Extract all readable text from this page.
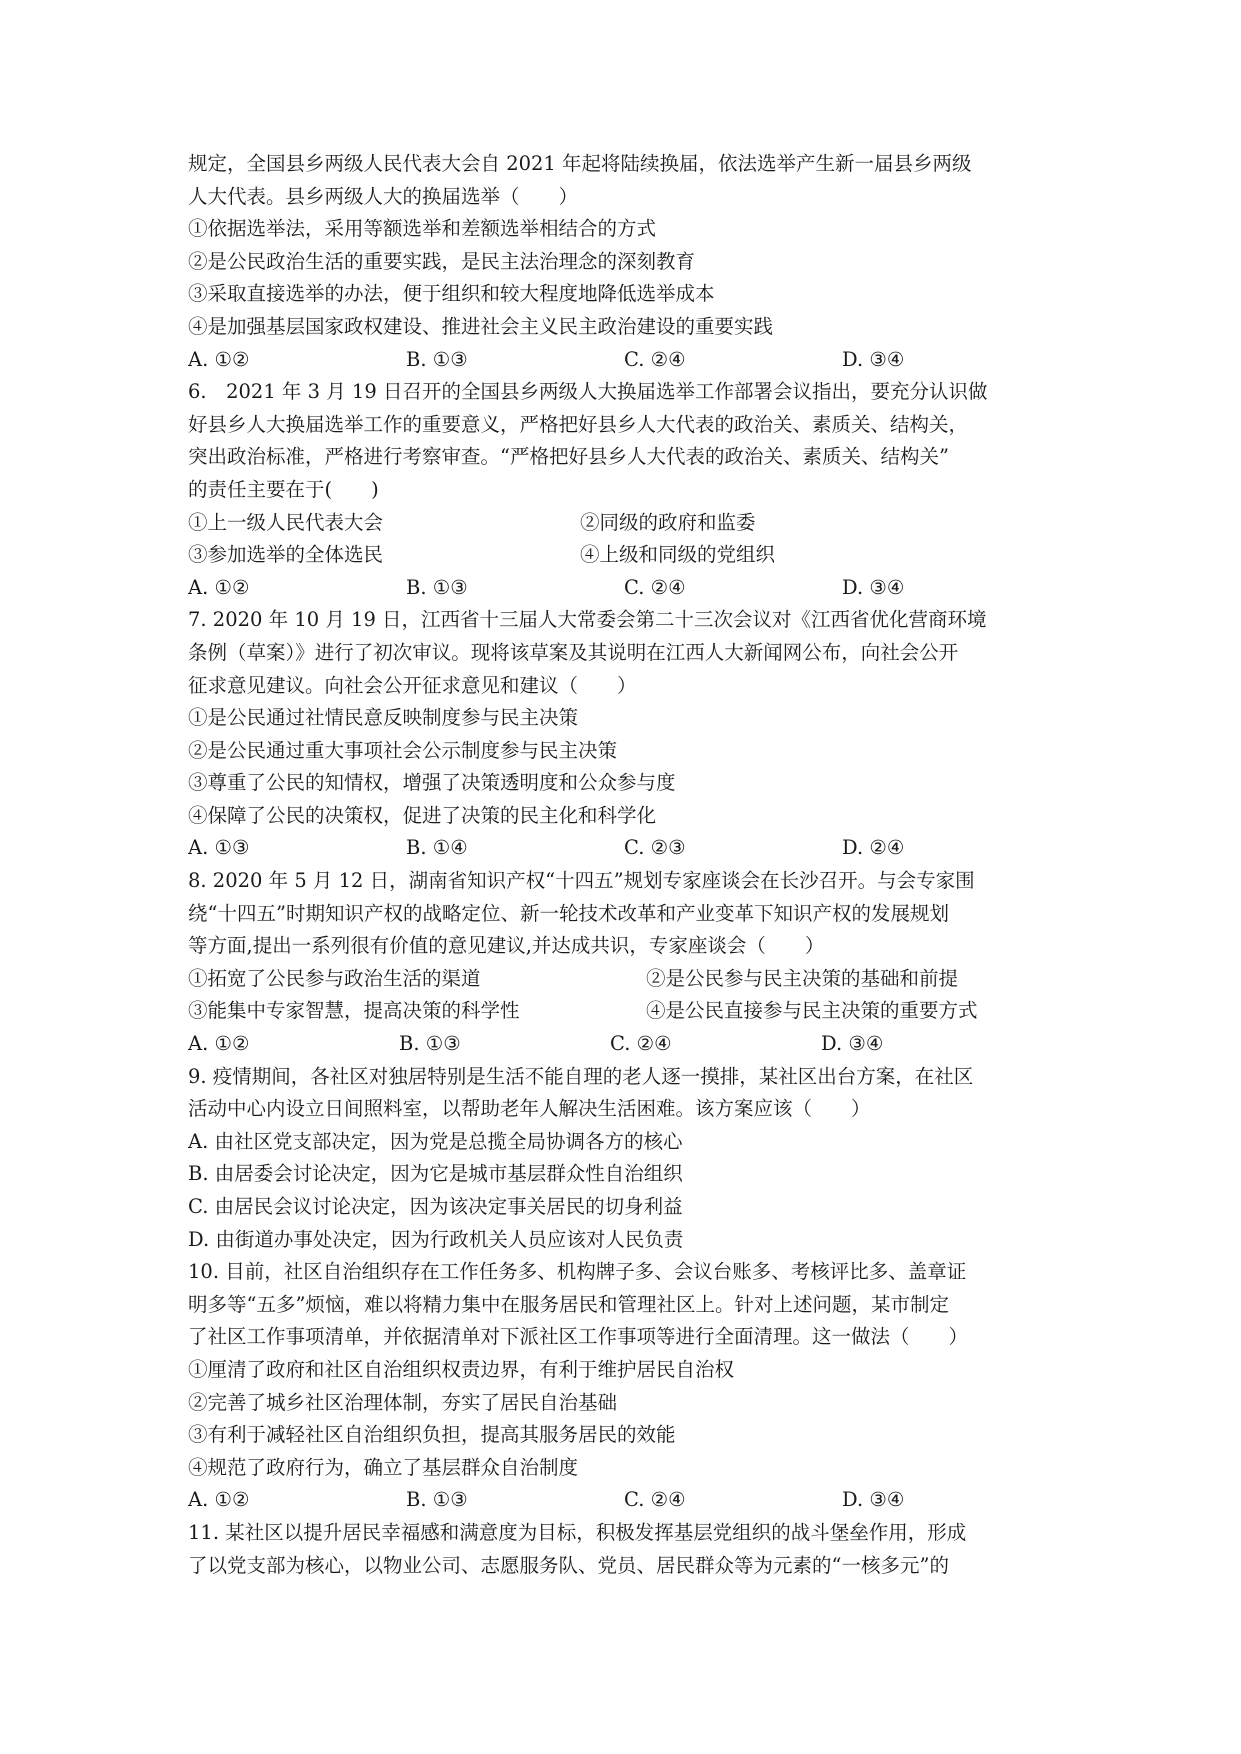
规定，全国县乡两级人民代表大会自 2021 年起将陆续换届，依法选举产生新一届县乡两级
人大代表。县乡两级人大的换届选举（　　）
①依据选举法，采用等额选举和差额选举相结合的方式
②是公民政治生活的重要实践，是民主法治理念的深刻教育
③采取直接选举的办法，便于组织和较大程度地降低选举成本
④是加强基层国家政权建设、推进社会主义民主政治建设的重要实践
A. ①②	B. ①③	C. ②④	D. ③④
6.　2021 年 3 月 19 日召开的全国县乡两级人大换届选举工作部署会议指出，要充分认识做
好县乡人大换届选举工作的重要意义，严格把好县乡人大代表的政治关、素质关、结构关，
突出政治标准，严格进行考察审查。“严格把好县乡人大代表的政治关、素质关、结构关”
的责任主要在于(　　)
①上一级人民代表大会	②同级的政府和监委
③参加选举的全体选民	④上级和同级的党组织
A. ①②	B. ①③	C. ②④	D. ③④
7. 2020 年 10 月 19 日，江西省十三届人大常委会第二十三次会议对《江西省优化营商环境
条例（草案）》进行了初次审议。现将该草案及其说明在江西人大新闻网公布，向社会公开
征求意见建议。向社会公开征求意见和建议（　　）
①是公民通过社情民意反映制度参与民主决策
②是公民通过重大事项社会公示制度参与民主决策
③尊重了公民的知情权，增强了决策透明度和公众参与度
④保障了公民的决策权，促进了决策的民主化和科学化
A. ①③	B. ①④	C. ②③	D. ②④
8. 2020 年 5 月 12 日，湖南省知识产权“十四五”规划专家座谈会在长沙召开。与会专家围
绕“十四五”时期知识产权的战略定位、新一轮技术改革和产业变革下知识产权的发展规划
等方面,提出一系列很有价值的意见建议,并达成共识，专家座谈会（　　）
①拓宽了公民参与政治生活的渠道	②是公民参与民主决策的基础和前提
③能集中专家智慧，提高决策的科学性	④是公民直接参与民主决策的重要方式
A. ①②	B. ①③	C. ②④	D. ③④
9. 疫情期间，各社区对独居特别是生活不能自理的老人逐一摸排，某社区出台方案，在社区
活动中心内设立日间照料室，以帮助老年人解决生活困难。该方案应该（　　）
A. 由社区党支部决定，因为党是总揽全局协调各方的核心
B. 由居委会讨论决定，因为它是城市基层群众性自治组织
C. 由居民会议讨论决定，因为该决定事关居民的切身利益
D. 由街道办事处决定，因为行政机关人员应该对人民负责
10. 目前，社区自治组织存在工作任务多、机构牌子多、会议台账多、考核评比多、盖章证
明多等“五多”烦恼，难以将精力集中在服务居民和管理社区上。针对上述问题，某市制定
了社区工作事项清单，并依据清单对下派社区工作事项等进行全面清理。这一做法（　　）
①厘清了政府和社区自治组织权责边界，有利于维护居民自治权
②完善了城乡社区治理体制，夯实了居民自治基础
③有利于减轻社区自治组织负担，提高其服务居民的效能
④规范了政府行为，确立了基层群众自治制度
A. ①②	B. ①③	C. ②④	D. ③④
11. 某社区以提升居民幸福感和满意度为目标，积极发挥基层党组织的战斗堡垒作用，形成
了以党支部为核心，以物业公司、志愿服务队、党员、居民群众等为元素的“一核多元”的
